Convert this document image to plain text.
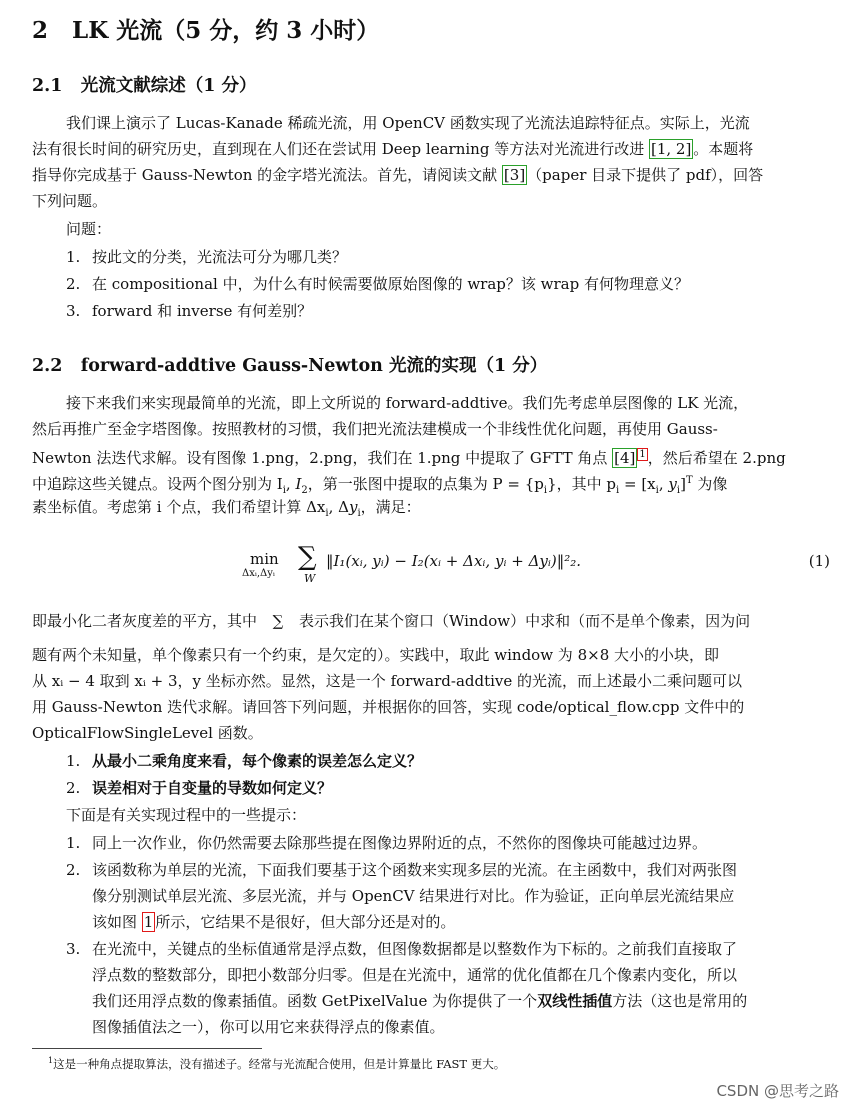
2 LK 光流（5 分，约 3 小时）
2.1 光流文献综述（1 分）
我们课上演示了 Lucas-Kanade 稀疏光流，用 OpenCV 函数实现了光流法追踪特征点。实际上，光流
法有很长时间的研究历史，直到现在人们还在尝试用 Deep learning 等方法对光流进行改进 [1, 2] 。本题将
指导你完成基于 Gauss-Newton 的金字塔光流法。首先，请阅读文献 [3] （paper 目录下提供了 pdf），回答
下列问题。
问题：
1. 按此文的分类，光流法可分为哪几类？
2. 在 compositional 中，为什么有时候需要做原始图像的 wrap？该 wrap 有何物理意义？
3. forward 和 inverse 有何差别？
2.2 forward-addtive Gauss-Newton 光流的实现（1 分）
接下来我们来实现最简单的光流，即上文所说的 forward-addtive。我们先考虑单层图像的 LK 光流，
然后再推广至金字塔图像。按照教材的习惯，我们把光流法建模成一个非线性优化问题，再使用 Gauss-
Newton 法迭代求解。设有图像 1.png，2.png，我们在 1.png 中提取了 GFTT 角点 [4] $^1$ ，然后希望在 2.png
中追踪这些关键点。设两个图分别为 $I_i$, $I_2$，第一张图中提取的点集为 $P = \{p_i\}$，其中 $p_i = [x_i$, $y_i]^T$ 为像
素坐标值。考虑第 i 个点，我们希望计算 $\Delta x_i$, $\Delta y_i$，满足：
min
Δxᵢ,Δyᵢ
∑
W
‖I₁(xᵢ, yᵢ) − I₂(xᵢ + Δxᵢ, yᵢ + Δyᵢ)‖²₂.	(1)
即最小化二者灰度差的平方，其中 ∑ 表示我们在某个窗口（Window）中求和（而不是单个像素，因为问
题有两个未知量，单个像素只有一个约束，是欠定的）。实践中，取此 window 为 8×8 大小的小块，即
从 xᵢ − 4 取到 xᵢ + 3，y 坐标亦然。显然，这是一个 forward-addtive 的光流，而上述最小二乘问题可以
用 Gauss-Newton 迭代求解。请回答下列问题，并根据你的回答，实现 code/optical_flow.cpp 文件中的
OpticalFlowSingleLevel 函数。
1. 从最小二乘角度来看，每个像素的误差怎么定义？
2. 误差相对于自变量的导数如何定义？
下面是有关实现过程中的一些提示：
1. 同上一次作业，你仍然需要去除那些提在图像边界附近的点，不然你的图像块可能越过边界。
2. 该函数称为单层的光流，下面我们要基于这个函数来实现多层的光流。在主函数中，我们对两张图
像分别测试单层光流、多层光流，并与 OpenCV 结果进行对比。作为验证，正向单层光流结果应
该如图 1 所示，它结果不是很好，但大部分还是对的。
3. 在光流中，关键点的坐标值通常是浮点数，但图像数据都是以整数作为下标的。之前我们直接取了
浮点数的整数部分，即把小数部分归零。但是在光流中，通常的优化值都在几个像素内变化，所以
我们还用浮点数的像素插值。函数 GetPixelValue 为你提供了一个双线性插值方法（这也是常用的
图像插值法之一），你可以用它来获得浮点的像素值。
$^1$这是一种角点提取算法，没有描述子。经常与光流配合使用，但是计算量比 FAST 更大。
CSDN @思考之路
